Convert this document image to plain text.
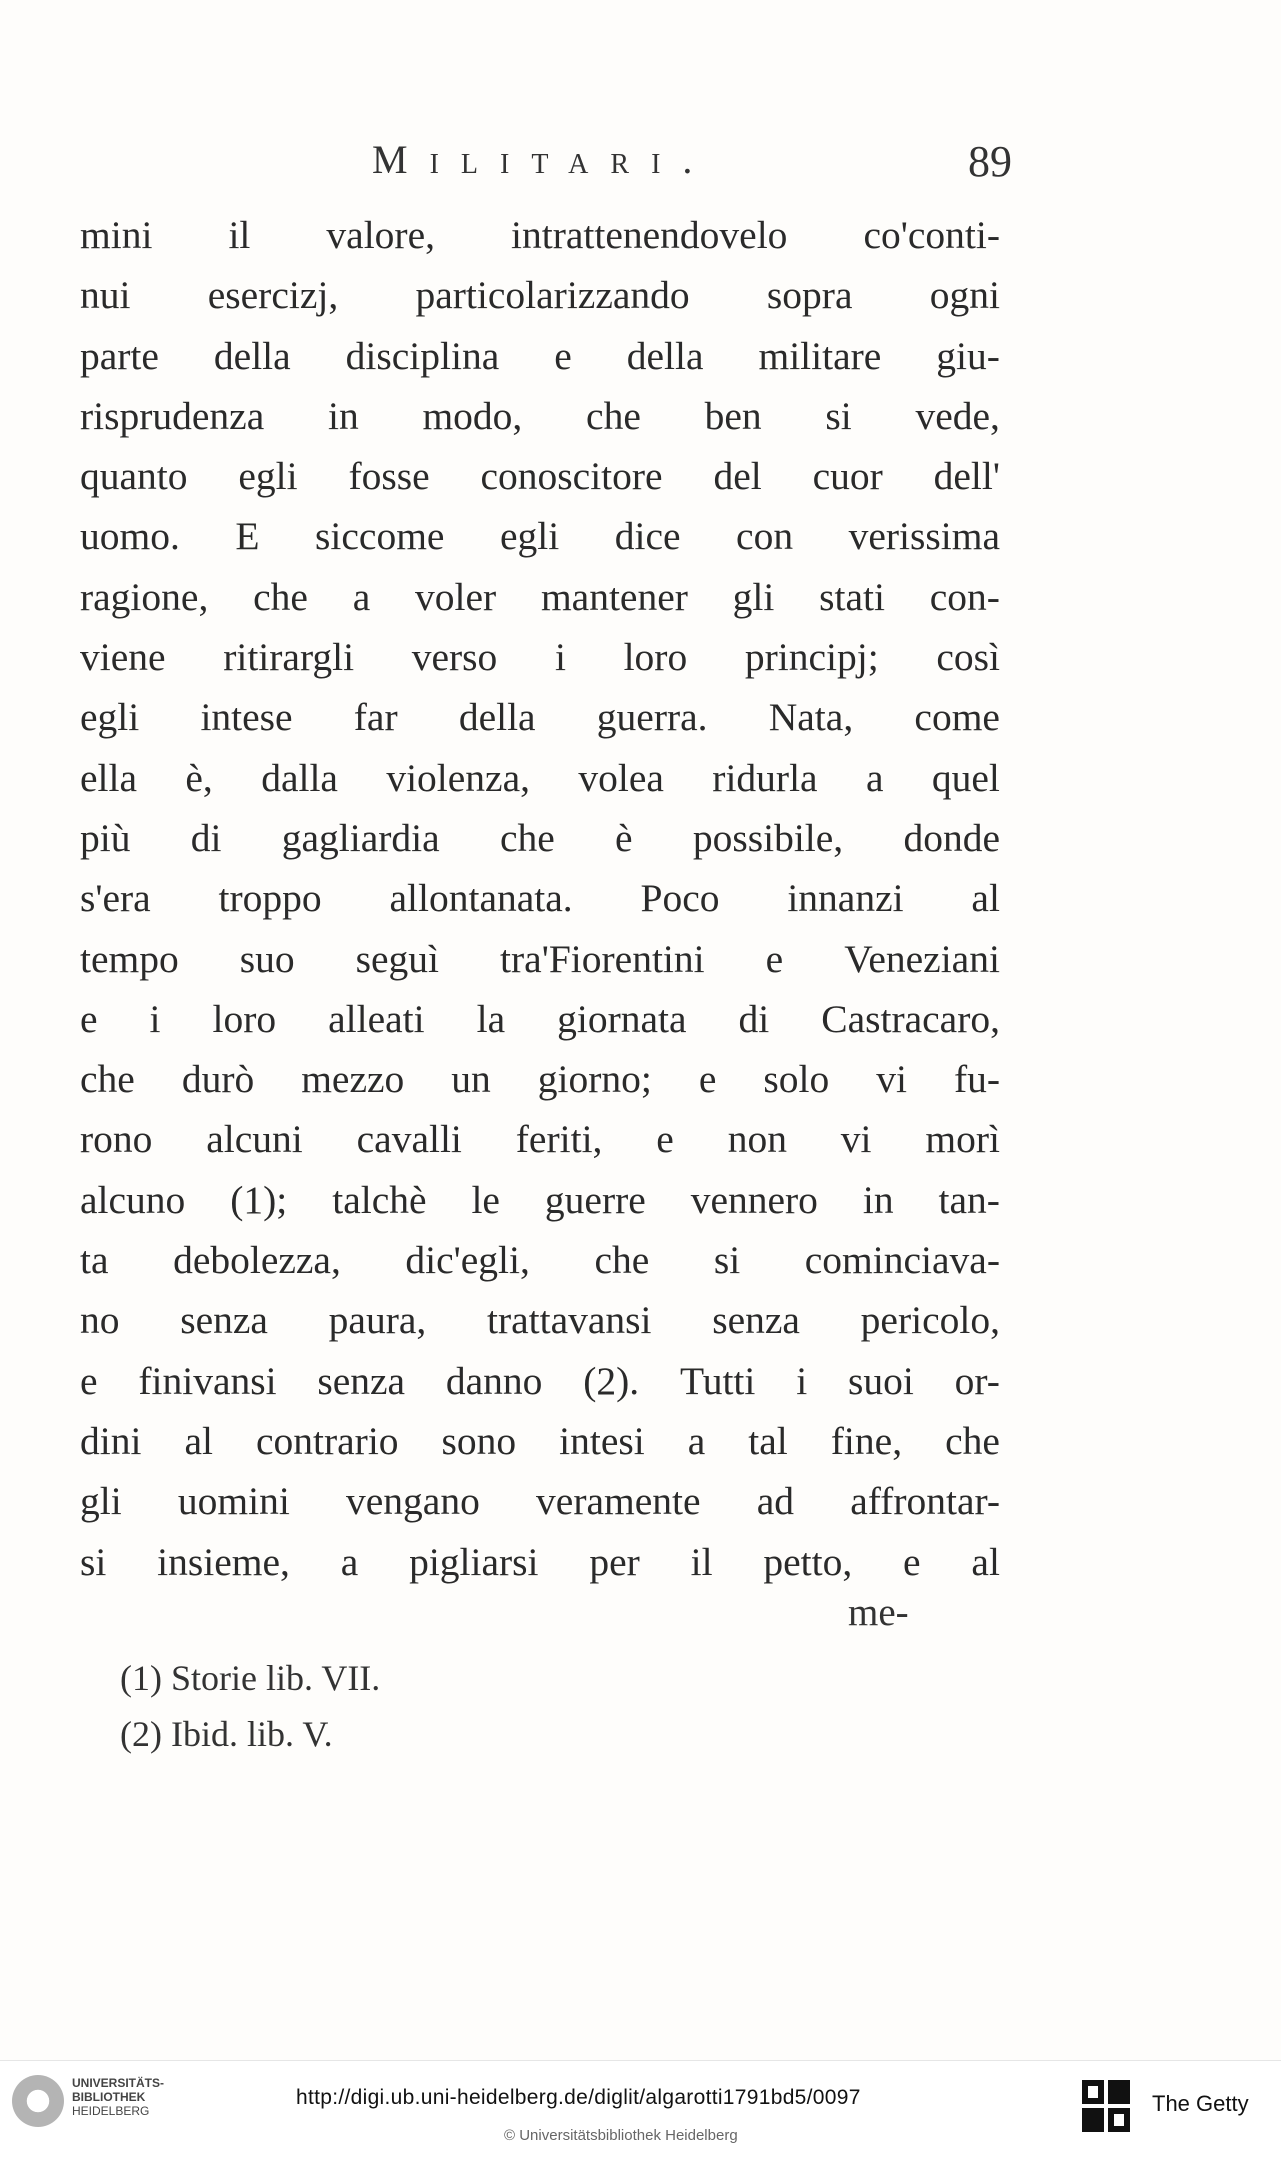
Militari.	89
mini il valore, intrattenendovelo co'conti-
nui esercizj, particolarizzando sopra ogni
parte della disciplina e della militare giu-
risprudenza in modo, che ben si vede,
quanto egli fosse conoscitore del cuor dell'
uomo. E siccome egli dice con verissima
ragione, che a voler mantener gli stati con-
viene ritirargli verso i loro principj; così
egli intese far della guerra. Nata, come
ella è, dalla violenza, volea ridurla a quel
più di gagliardia che è possibile, donde
s'era troppo allontanata. Poco innanzi al
tempo suo seguì tra'Fiorentini e Veneziani
e i loro alleati la giornata di Castracaro,
che durò mezzo un giorno; e solo vi fu-
rono alcuni cavalli feriti, e non vi morì
alcuno (1); talchè le guerre vennero in tan-
ta debolezza, dic'egli, che si cominciava-
no senza paura, trattavansi senza pericolo,
e finivansi senza danno (2). Tutti i suoi or-
dini al contrario sono intesi a tal fine, che
gli uomini vengano veramente ad affrontar-
si insieme, a pigliarsi per il petto, e al
me-
(1) Storie lib. VII.
(2) Ibid. lib. V.
UNIVERSITÄTS-
BIBLIOTHEK
HEIDELBERG
http://digi.ub.uni-heidelberg.de/diglit/algarotti1791bd5/0097
© Universitätsbibliothek Heidelberg
The Getty
